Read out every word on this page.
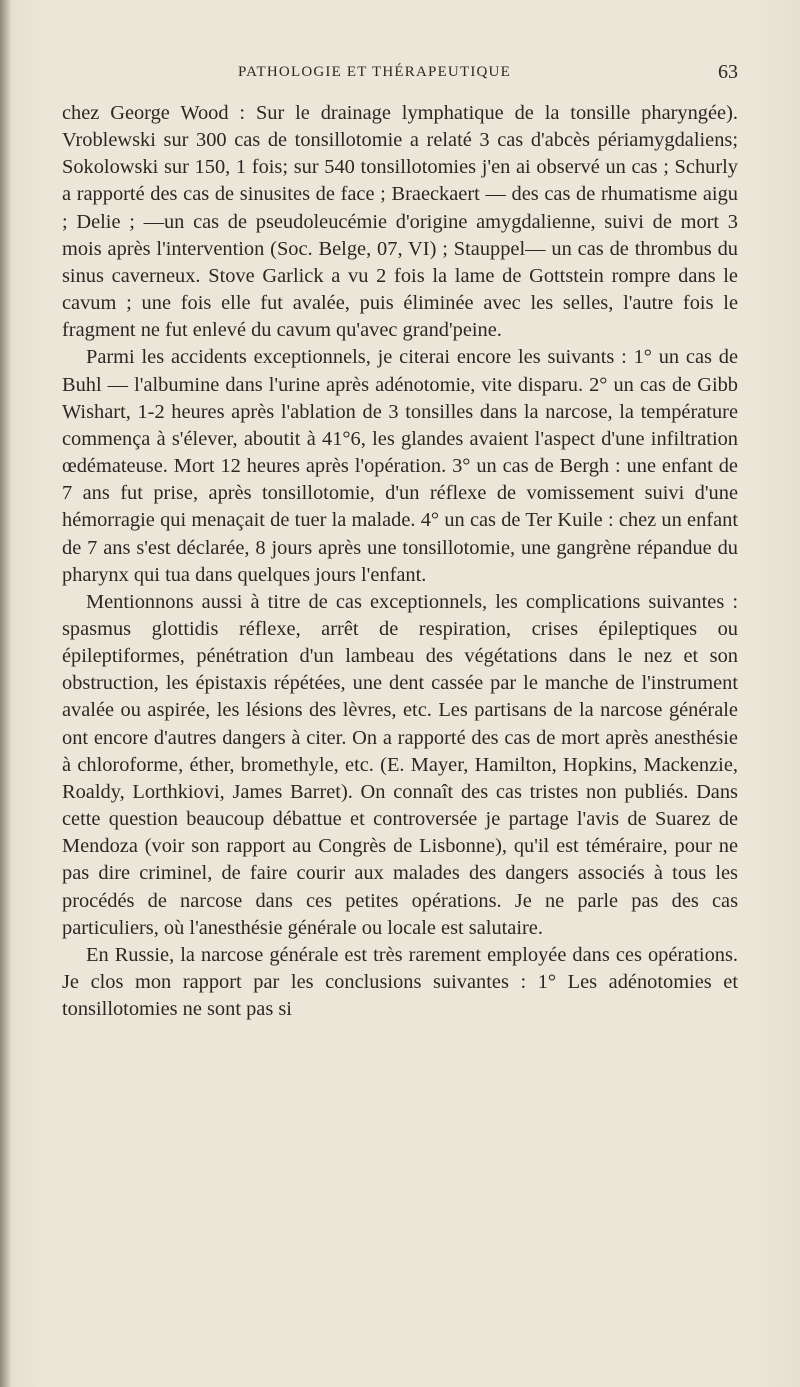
PATHOLOGIE ET THÉRAPEUTIQUE	63

chez George Wood : Sur le drainage lymphatique de la tonsille pharyngée). Vroblewski sur 300 cas de tonsillotomie a relaté 3 cas d'abcès périamygdaliens; Sokolowski sur 150, 1 fois; sur 540 tonsillotomies j'en ai observé un cas ; Schurly a rapporté des cas de sinusites de face ; Braeckaert — des cas de rhumatisme aigu ; Delie ; —un cas de pseudoleucémie d'origine amygdalienne, suivi de mort 3 mois après l'intervention (Soc. Belge, 07, VI) ; Stauppel— un cas de thrombus du sinus caverneux. Stove Garlick a vu 2 fois la lame de Gottstein rompre dans le cavum ; une fois elle fut avalée, puis éliminée avec les selles, l'autre fois le fragment ne fut enlevé du cavum qu'avec grand'peine.

Parmi les accidents exceptionnels, je citerai encore les suivants : 1° un cas de Buhl — l'albumine dans l'urine après adénotomie, vite disparu. 2° un cas de Gibb Wishart, 1-2 heures après l'ablation de 3 tonsilles dans la narcose, la température commença à s'élever, aboutit à 41°6, les glandes avaient l'aspect d'une infiltration œdémateuse. Mort 12 heures après l'opération. 3° un cas de Bergh : une enfant de 7 ans fut prise, après tonsillotomie, d'un réflexe de vomissement suivi d'une hémorragie qui menaçait de tuer la malade. 4° un cas de Ter Kuile : chez un enfant de 7 ans s'est déclarée, 8 jours après une tonsillotomie, une gangrène répandue du pharynx qui tua dans quelques jours l'enfant.

Mentionnons aussi à titre de cas exceptionnels, les complications suivantes : spasmus glottidis réflexe, arrêt de respiration, crises épileptiques ou épileptiformes, pénétration d'un lambeau des végétations dans le nez et son obstruction, les épistaxis répétées, une dent cassée par le manche de l'instrument avalée ou aspirée, les lésions des lèvres, etc. Les partisans de la narcose générale ont encore d'autres dangers à citer. On a rapporté des cas de mort après anesthésie à chloroforme, éther, bromethyle, etc. (E. Mayer, Hamilton, Hopkins, Mackenzie, Roaldy, Lorthkiovi, James Barret). On connaît des cas tristes non publiés. Dans cette question beaucoup débattue et controversée je partage l'avis de Suarez de Mendoza (voir son rapport au Congrès de Lisbonne), qu'il est téméraire, pour ne pas dire criminel, de faire courir aux malades des dangers associés à tous les procédés de narcose dans ces petites opérations. Je ne parle pas des cas particuliers, où l'anesthésie générale ou locale est salutaire.

En Russie, la narcose générale est très rarement employée dans ces opérations. Je clos mon rapport par les conclusions suivantes : 1° Les adénotomies et tonsillotomies ne sont pas si
